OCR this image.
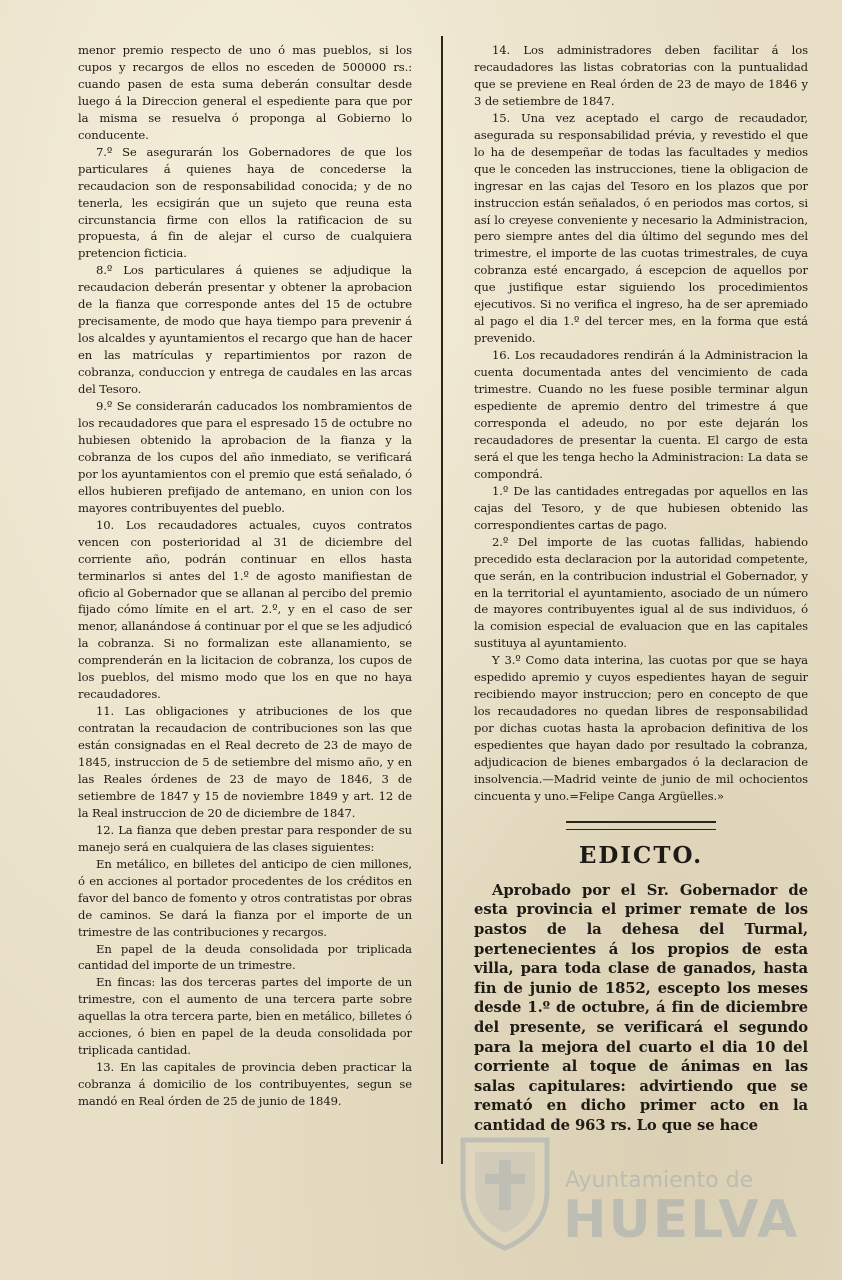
menor premio respecto de uno ó mas pueblos, si los cupos y recargos de ellos no esceden de 500000 rs.: cuando pasen de esta suma deberán consultar desde luego á la Direccion general el espediente para que por la misma se resuelva ó proponga al Gobierno lo conducente.

7.º Se asegurarán los Gobernadores de que los particulares á quienes haya de concederse la recaudacion son de responsabilidad conocida; y de no tenerla, les ecsigirán que un sujeto que reuna esta circunstancia firme con ellos la ratificacion de su propuesta, á fin de alejar el curso de cualquiera pretencion ficticia.

8.º Los particulares á quienes se adjudique la recaudacion deberán presentar y obtener la aprobacion de la fianza que corresponde antes del 15 de octubre precisamente, de modo que haya tiempo para prevenir á los alcaldes y ayuntamientos el recargo que han de hacer en las matrículas y repartimientos por razon de cobranza, conduccion y entrega de caudales en las arcas del Tesoro.

9.º Se considerarán caducados los nombramientos de los recaudadores que para el espresado 15 de octubre no hubiesen obtenido la aprobacion de la fianza y la cobranza de los cupos del año inmediato, se verificará por los ayuntamientos con el premio que está señalado, ó ellos hubieren prefijado de antemano, en union con los mayores contribuyentes del pueblo.

10. Los recaudadores actuales, cuyos contratos vencen con posterioridad al 31 de diciembre del corriente año, podrán continuar en ellos hasta terminarlos si antes del 1.º de agosto manifiestan de oficio al Gobernador que se allanan al percibo del premio fijado cómo límite en el art. 2.º, y en el caso de ser menor, allanándose á continuar por el que se les adjudicó la cobranza. Si no formalizan este allanamiento, se comprenderán en la licitacion de cobranza, los cupos de los pueblos, del mismo modo que los en que no haya recaudadores.

11. Las obligaciones y atribuciones de los que contratan la recaudacion de contribuciones son las que están consignadas en el Real decreto de 23 de mayo de 1845, instruccion de 5 de setiembre del mismo año, y en las Reales órdenes de 23 de mayo de 1846, 3 de setiembre de 1847 y 15 de noviembre 1849 y art. 12 de la Real instruccion de 20 de diciembre de 1847.

12. La fianza que deben prestar para responder de su manejo será en cualquiera de las clases siguientes:

En metálico, en billetes del anticipo de cien millones, ó en acciones al portador procedentes de los créditos en favor del banco de fomento y otros contratistas por obras de caminos. Se dará la fianza por el importe de un trimestre de las contribuciones y recargos.

En papel de la deuda consolidada por triplicada cantidad del importe de un trimestre.

En fincas: las dos terceras partes del importe de un trimestre, con el aumento de una tercera parte sobre aquellas la otra tercera parte, bien en metálico, billetes ó acciones, ó bien en papel de la deuda consolidada por triplicada cantidad.

13. En las capitales de provincia deben practicar la cobranza á domicilio de los contribuyentes, segun se mandó en Real órden de 25 de junio de 1849.

14. Los administradores deben facilitar á los recaudadores las listas cobratorias con la puntualidad que se previene en Real órden de 23 de mayo de 1846 y 3 de setiembre de 1847.

15. Una vez aceptado el cargo de recaudador, asegurada su responsabilidad prévia, y revestido el que lo ha de desempeñar de todas las facultades y medios que le conceden las instrucciones, tiene la obligacion de ingresar en las cajas del Tesoro en los plazos que por instruccion están señalados, ó en periodos mas cortos, si así lo creyese conveniente y necesario la Administracion, pero siempre antes del dia último del segundo mes del trimestre, el importe de las cuotas trimestrales, de cuya cobranza esté encargado, á escepcion de aquellos por que justifique estar siguiendo los procedimientos ejecutivos. Si no verifica el ingreso, ha de ser apremiado al pago el dia 1.º del tercer mes, en la forma que está prevenido.

16. Los recaudadores rendirán á la Administracion la cuenta documentada antes del vencimiento de cada trimestre. Cuando no les fuese posible terminar algun espediente de apremio dentro del trimestre á que corresponda el adeudo, no por este dejarán los recaudadores de presentar la cuenta. El cargo de esta será el que les tenga hecho la Administracion: La data se compondrá.

1.º De las cantidades entregadas por aquellos en las cajas del Tesoro, y de que hubiesen obtenido las correspondientes cartas de pago.

2.º Del importe de las cuotas fallidas, habiendo precedido esta declaracion por la autoridad competente, que serán, en la contribucion industrial el Gobernador, y en la territorial el ayuntamiento, asociado de un número de mayores contribuyentes igual al de sus individuos, ó la comision especial de evaluacion que en las capitales sustituya al ayuntamiento.

Y 3.º Como data interina, las cuotas por que se haya espedido apremio y cuyos espedientes hayan de seguir recibiendo mayor instruccion; pero en concepto de que los recaudadores no quedan libres de responsabilidad por dichas cuotas hasta la aprobacion definitiva de los espedientes que hayan dado por resultado la cobranza, adjudicacion de bienes embargados ó la declaracion de insolvencia.—Madrid veinte de junio de mil ochocientos cincuenta y uno.=Felipe Canga Argüelles.»

EDICTO.

Aprobado por el Sr. Gobernador de esta provincia el primer remate de los pastos de la dehesa del Turmal, pertenecientes á los propios de esta villa, para toda clase de ganados, hasta fin de junio de 1852, escepto los meses desde 1.º de octubre, á fin de diciembre del presente, se verificará el segundo para la mejora del cuarto el dia 10 del corriente al toque de ánimas en las salas capitulares: advirtiendo que se remató en dicho primer acto en la cantidad de 963 rs. Lo que se hace

Ayuntamiento de
HUELVA
